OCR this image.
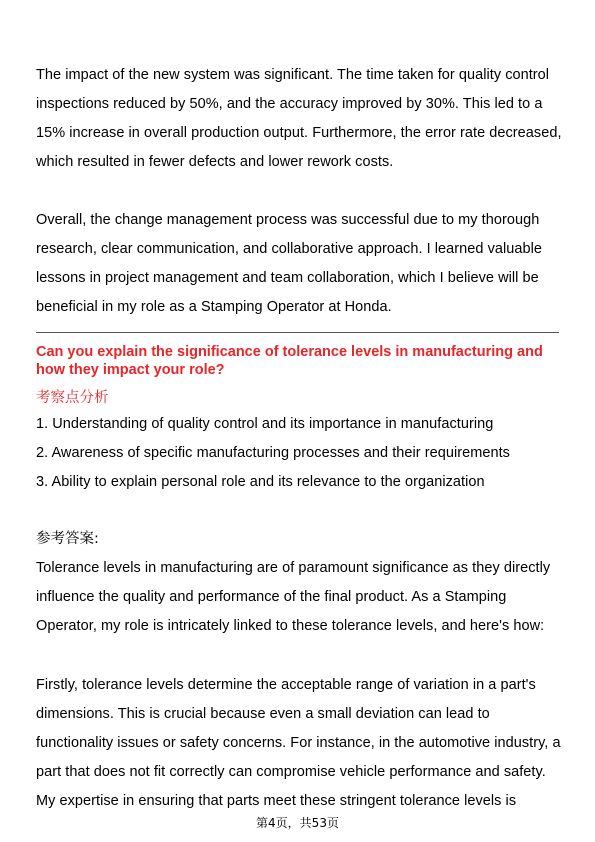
The impact of the new system was significant. The time taken for quality control
inspections reduced by 50%, and the accuracy improved by 30%. This led to a
15% increase in overall production output. Furthermore, the error rate decreased,
which resulted in fewer defects and lower rework costs.
Overall, the change management process was successful due to my thorough
research, clear communication, and collaborative approach. I learned valuable
lessons in project management and team collaboration, which I believe will be
beneficial in my role as a Stamping Operator at Honda.
Can you explain the significance of tolerance levels in manufacturing and
how they impact your role?
考察点分析
1. Understanding of quality control and its importance in manufacturing
2. Awareness of specific manufacturing processes and their requirements
3. Ability to explain personal role and its relevance to the organization
参考答案:
Tolerance levels in manufacturing are of paramount significance as they directly
influence the quality and performance of the final product. As a Stamping
Operator, my role is intricately linked to these tolerance levels, and here's how:
Firstly, tolerance levels determine the acceptable range of variation in a part's
dimensions. This is crucial because even a small deviation can lead to
functionality issues or safety concerns. For instance, in the automotive industry, a
part that does not fit correctly can compromise vehicle performance and safety.
My expertise in ensuring that parts meet these stringent tolerance levels is
第4页，共53页
